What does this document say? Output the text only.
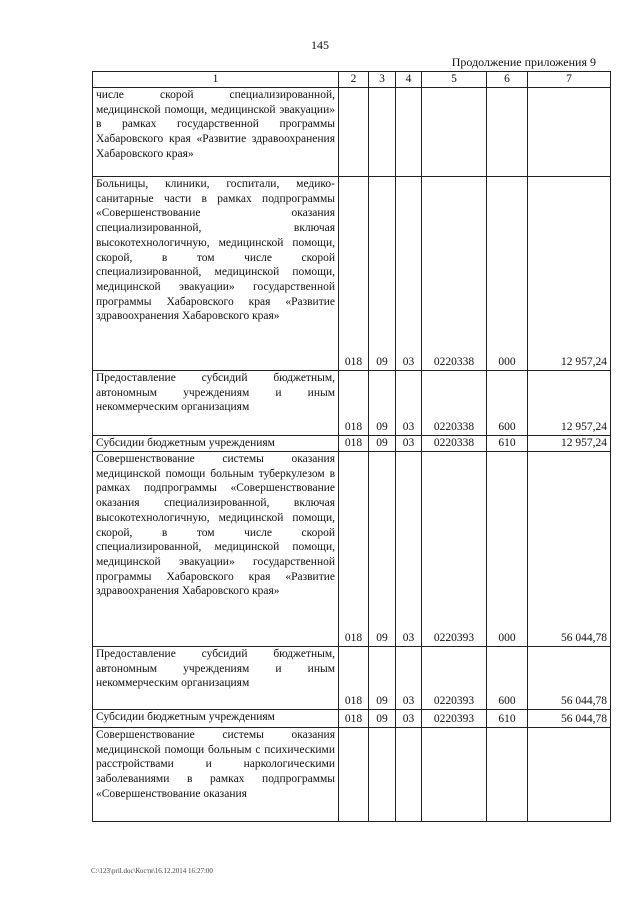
145
Продолжение приложения 9
1	2	3	4	5	6	7
числе скорой специализированной, медицинской помощи, медицинской эвакуации» в рамках государственной программы Хабаровского края «Развитие здравоохранения Хабаровского края»						
Больницы, клиники, госпитали, медико-санитарные части в рамках подпрограммы «Совершенствование оказания специализированной, включая высокотехнологичную, медицинской помощи, скорой, в том числе скорой специализированной, медицинской помощи, медицинской эвакуации» государственной программы Хабаровского края «Развитие здравоохранения Хабаровского края»	018	09	03	0220338	000	12 957,24
Предоставление субсидий бюджетным, автономным учреждениям и иным некоммерческим организациям	018	09	03	0220338	600	12 957,24
Субсидии бюджетным учреждениям	018	09	03	0220338	610	12 957,24
Совершенствование системы оказания медицинской помощи больным туберкулезом в рамках подпрограммы «Совершенствование оказания специализированной, включая высокотехнологичную, медицинской помощи, скорой, в том числе скорой специализированной, медицинской помощи, медицинской эвакуации» государственной программы Хабаровского края «Развитие здравоохранения Хабаровского края»	018	09	03	0220393	000	56 044,78
Предоставление субсидий бюджетным, автономным учреждениям и иным некоммерческим организациям	018	09	03	0220393	600	56 044,78
Субсидии бюджетным учреждениям	018	09	03	0220393	610	56 044,78
Совершенствование системы оказания медицинской помощи больным с психическими расстройствами и наркологическими заболеваниями в рамках подпрограммы «Совершенствование оказания						
C:\123\pril.doc\Костя\16.12.2014 16:27:00
